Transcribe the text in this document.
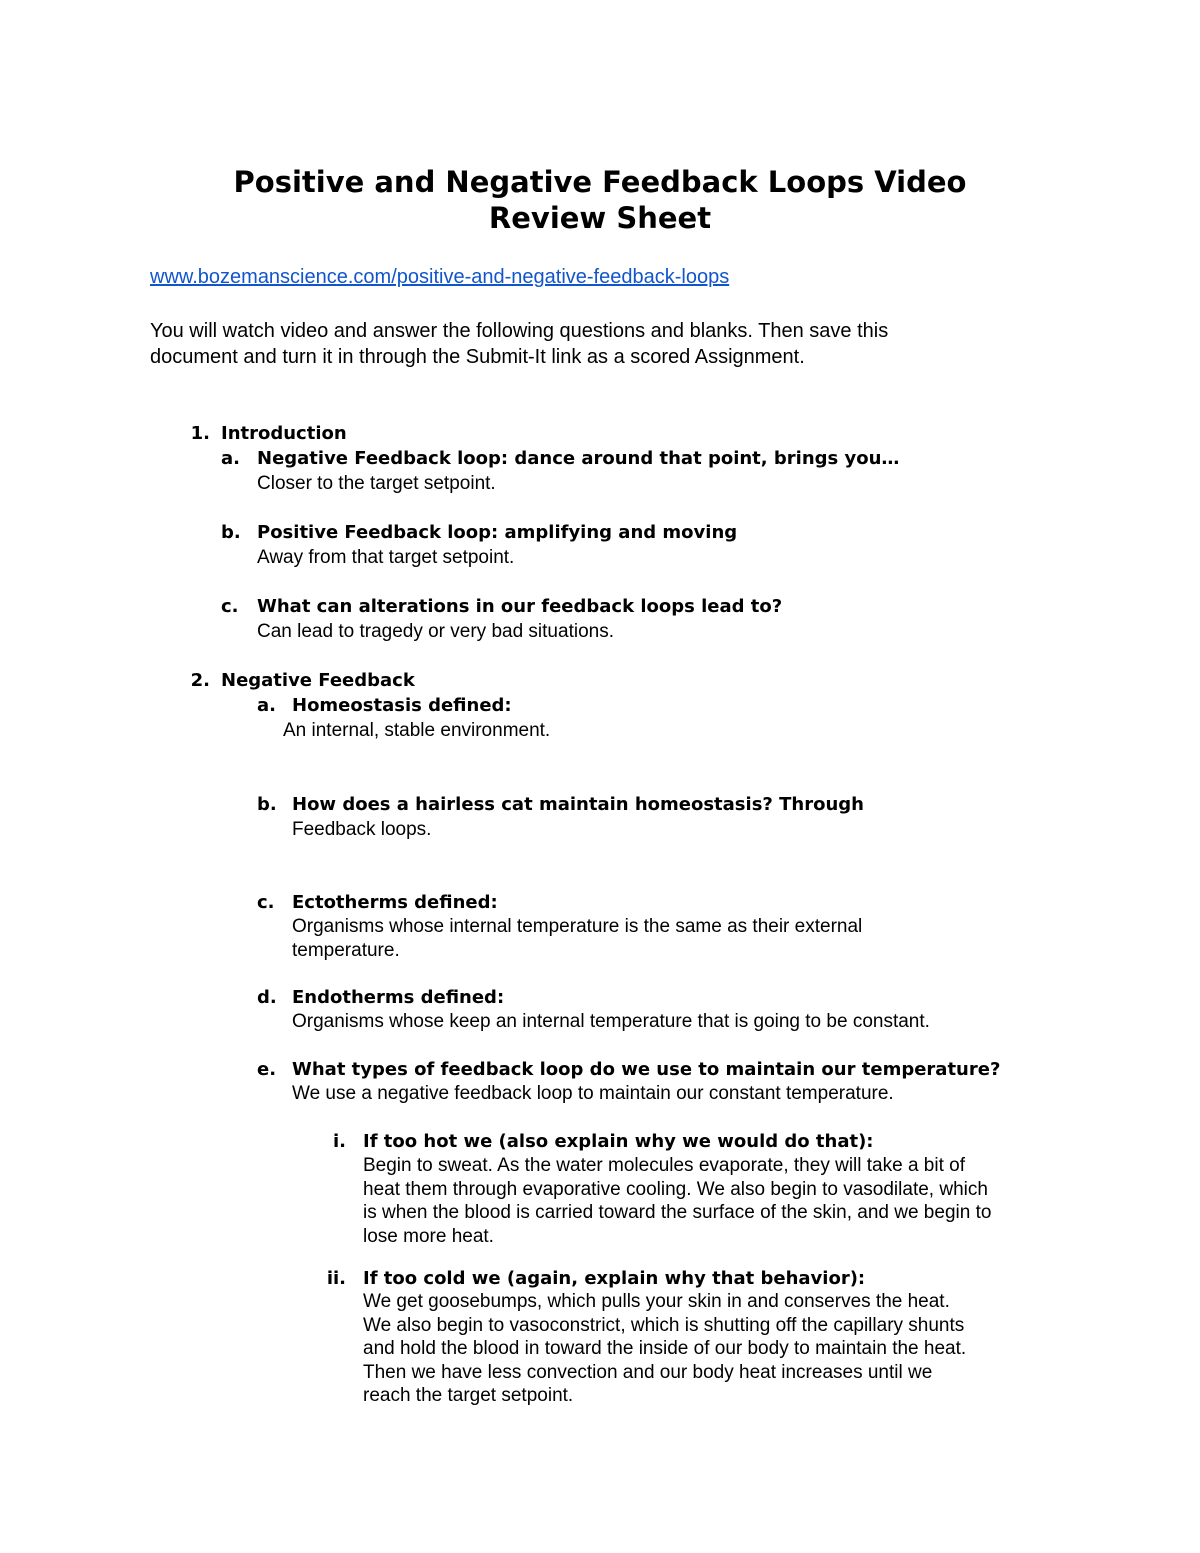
Positive and Negative Feedback Loops Video
Review Sheet
www.bozemanscience.com/positive-and-negative-feedback-loops
You will watch video and answer the following questions and blanks. Then save this
document and turn it in through the Submit-It link as a scored Assignment.
1. Introduction
a. Negative Feedback loop: dance around that point, brings you…
Closer to the target setpoint.
b. Positive Feedback loop: amplifying and moving
Away from that target setpoint.
c. What can alterations in our feedback loops lead to?
Can lead to tragedy or very bad situations.
2. Negative Feedback
a. Homeostasis defined:
An internal, stable environment.
b. How does a hairless cat maintain homeostasis? Through
Feedback loops.
c. Ectotherms defined:
Organisms whose internal temperature is the same as their external
temperature.
d. Endotherms defined:
Organisms whose keep an internal temperature that is going to be constant.
e. What types of feedback loop do we use to maintain our temperature?
We use a negative feedback loop to maintain our constant temperature.
i. If too hot we (also explain why we would do that):
Begin to sweat. As the water molecules evaporate, they will take a bit of
heat them through evaporative cooling. We also begin to vasodilate, which
is when the blood is carried toward the surface of the skin, and we begin to
lose more heat.
ii. If too cold we (again, explain why that behavior):
We get goosebumps, which pulls your skin in and conserves the heat.
We also begin to vasoconstrict, which is shutting off the capillary shunts
and hold the blood in toward the inside of our body to maintain the heat.
Then we have less convection and our body heat increases until we
reach the target setpoint.
